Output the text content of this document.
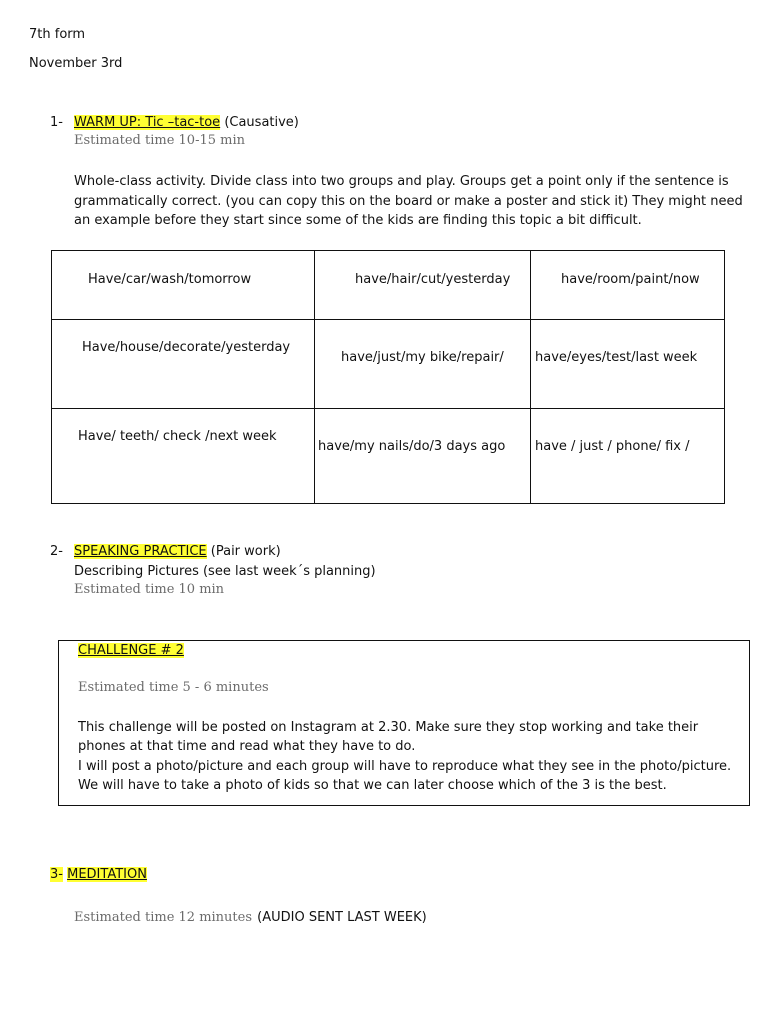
7th form
November 3rd
1- WARM UP: Tic –tac-toe (Causative)
Estimated time 10-15 min
Whole-class activity. Divide class into two groups and play. Groups get a point only if the sentence is grammatically correct. (you can copy this on the board or make a poster and stick it) They might need an example before they start since some of the kids are finding this topic a bit difficult.
Have/car/wash/tomorrow	have/hair/cut/yesterday	have/room/paint/now

Have/house/decorate/yesterday	have/just/my bike/repair/	have/eyes/test/last week

Have/ teeth/ check /next week	have/my nails/do/3 days ago	have / just / phone/ fix /
2- SPEAKING PRACTICE (Pair work)
Describing Pictures (see last week´s planning)
Estimated time 10 min
CHALLENGE # 2
Estimated time 5 - 6 minutes
This challenge will be posted on Instagram at 2.30. Make sure they stop working and take their
phones at that time and read what they have to do.
I will post a photo/picture and each group will have to reproduce what they see in the photo/picture.
We will have to take a photo of kids so that we can later choose which of the 3 is the best.
3- MEDITATION
Estimated time 12 minutes (AUDIO SENT LAST WEEK)
